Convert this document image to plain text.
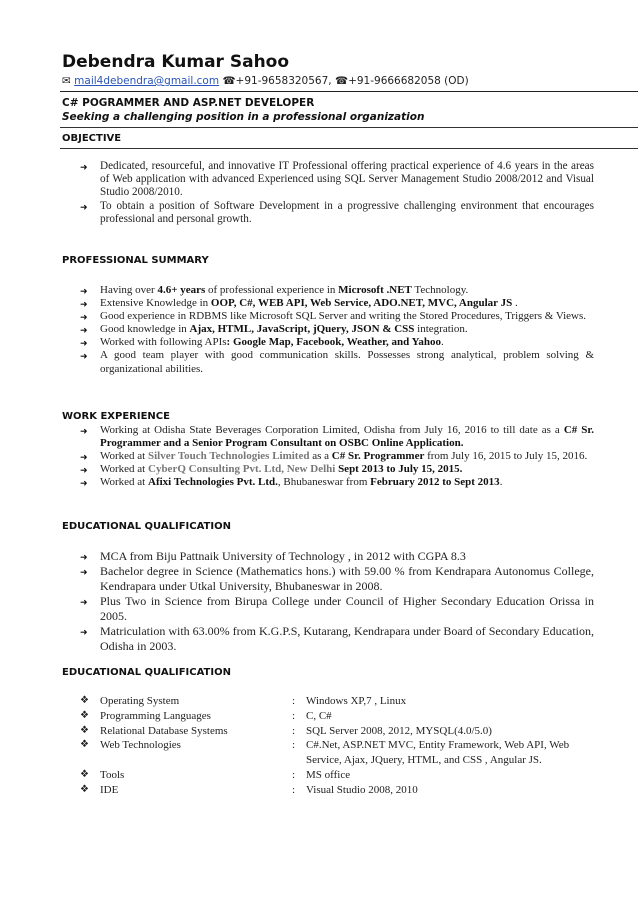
Debendra Kumar Sahoo
✉ mail4debendra@gmail.com ☎+91-9658320567, ☎+91-9666682058 (OD)
C# POGRAMMER AND ASP.NET DEVELOPER
Seeking a challenging position in a professional organization
OBJECTIVE
➜ Dedicated, resourceful, and innovative IT Professional offering practical experience of 4.6 years in the areas of Web application with advanced Experienced using SQL Server Management Studio 2008/2012 and Visual Studio 2008/2010.
➜ To obtain a position of Software Development in a progressive challenging environment that encourages professional and personal growth.
PROFESSIONAL SUMMARY
➜ Having over 4.6+ years of professional experience in Microsoft .NET Technology.
➜ Extensive Knowledge in OOP, C#, WEB API, Web Service, ADO.NET, MVC, Angular JS .
➜ Good experience in RDBMS like Microsoft SQL Server and writing the Stored Procedures, Triggers & Views.
➜ Good knowledge in Ajax, HTML, JavaScript, jQuery, JSON & CSS integration.
➜ Worked with following APIs: Google Map, Facebook, Weather, and Yahoo.
➜ A good team player with good communication skills. Possesses strong analytical, problem solving & organizational abilities.
WORK EXPERIENCE
➜ Working at Odisha State Beverages Corporation Limited, Odisha from July 16, 2016 to till date as a C# Sr. Programmer and a Senior Program Consultant on OSBC Online Application.
➜ Worked at Silver Touch Technologies Limited as a C# Sr. Programmer from July 16, 2015 to July 15, 2016.
➜ Worked at CyberQ Consulting Pvt. Ltd, New Delhi Sept 2013 to July 15, 2015.
➜ Worked at Afixi Technologies Pvt. Ltd., Bhubaneswar from February 2012 to Sept 2013.
EDUCATIONAL QUALIFICATION
➜ MCA from Biju Pattnaik University of Technology , in 2012 with CGPA 8.3
➜ Bachelor degree in Science (Mathematics hons.) with 59.00 % from Kendrapara Autonomus College, Kendrapara under Utkal University, Bhubaneswar in 2008.
➜ Plus Two in Science from Birupa College under Council of Higher Secondary Education Orissa in 2005.
➜ Matriculation with 63.00% from K.G.P.S, Kutarang, Kendrapara under Board of Secondary Education, Odisha in 2003.
EDUCATIONAL QUALIFICATION
❖ Operating System	: Windows XP,7 , Linux
❖ Programming Languages	: C, C#
❖ Relational Database Systems	: SQL Server 2008, 2012, MYSQL(4.0/5.0)
❖ Web Technologies	: C#.Net, ASP.NET MVC, Entity Framework, Web API, Web Service, Ajax, JQuery, HTML, and CSS , Angular JS.
❖ Tools	: MS office
❖ IDE	: Visual Studio 2008, 2010
